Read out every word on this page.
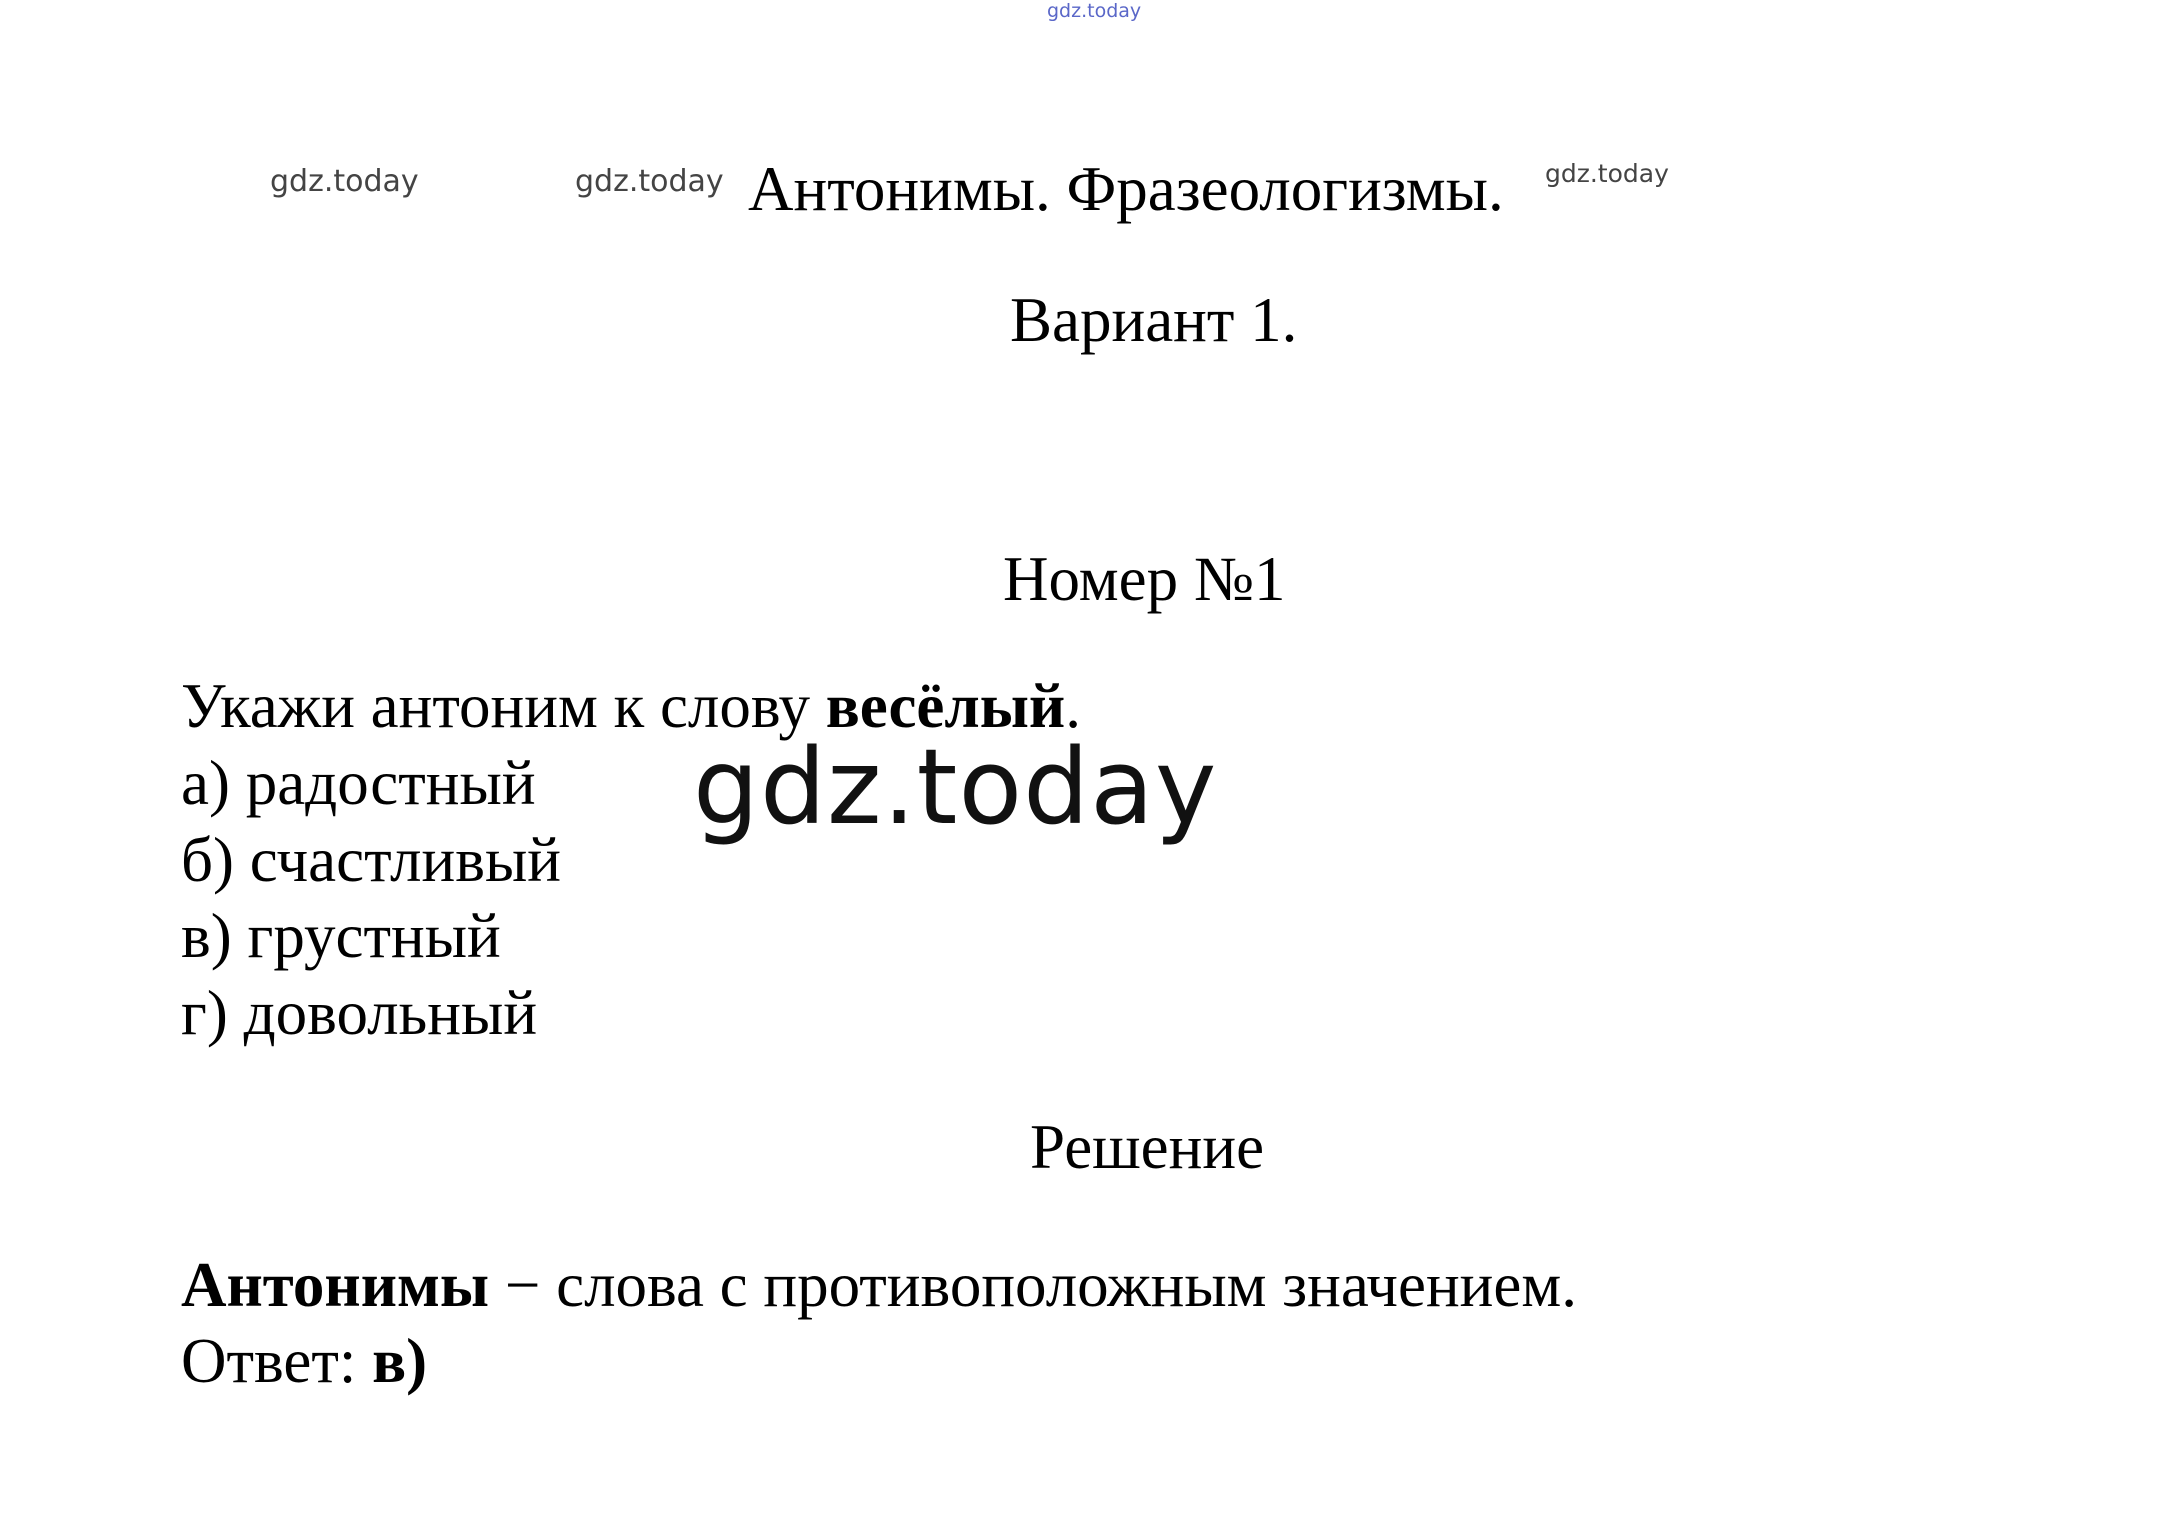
gdz.today
gdz.today	gdz.today	gdz.today
Антонимы. Фразеологизмы.
Вариант 1.
Номер №1
Укажи антоним к слову весёлый.
а) радостный
б) счастливый
в) грустный
г) довольный
gdz.today
Решение
Антонимы − слова с противоположным значением.
Ответ: в)
